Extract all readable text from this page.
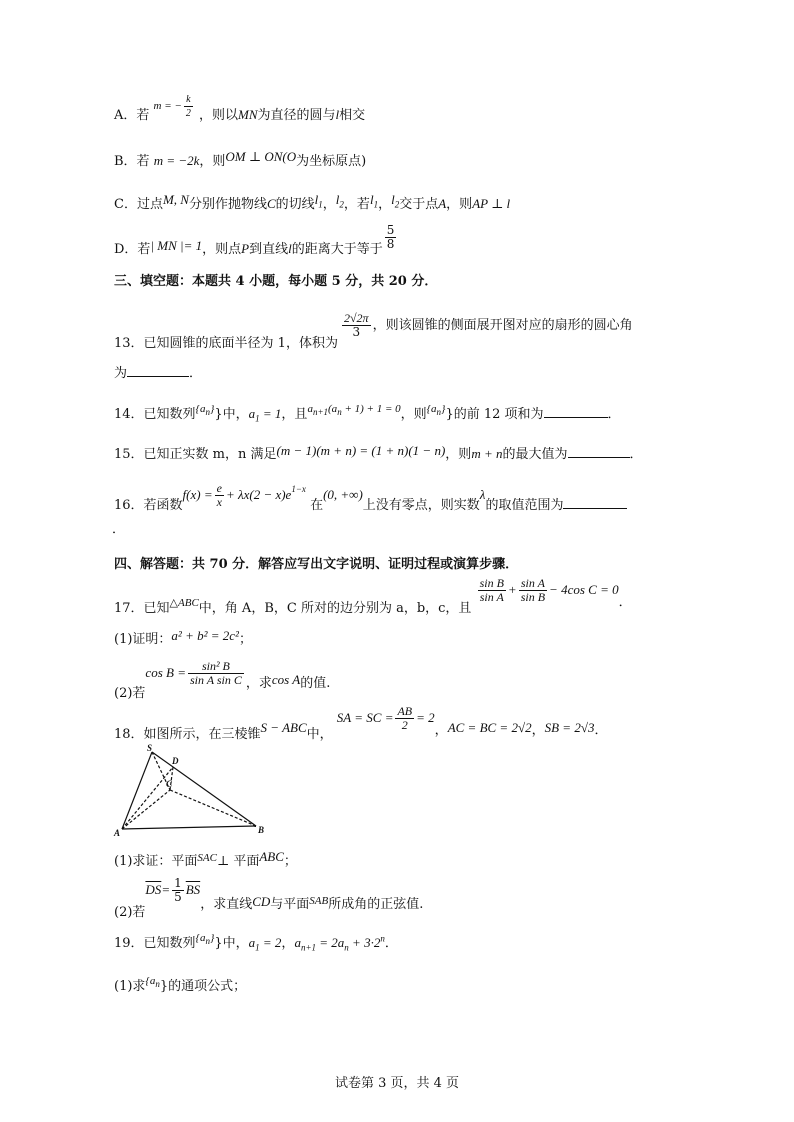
A．若 $^{m = - \frac{k}{2}}$ ，则以MN为直径的圆与l相交
B．若 m = −2k，则OM ⊥ ON(O为坐标原点)
C．过点M, N分别作抛物线C的切线$l_1$，$l_2$，若$l_1$，$l_2$交于点A，则AP ⊥ l
D．若| MN |= 1，则点P到直线l的距离大于等于 $\frac{5}{8}$
三、填空题：本题共 4 小题，每小题 5 分，共 20 分．
13．已知圆锥的底面半径为 1，体积为
$\frac{2√2\pi}{3}$ ，则该圆锥的侧面展开图对应的扇形的圆心角
为	．
14．已知数列$^{\{a_n\}}$}中，$a_1 = 1$，且$^{a_{n+1}(a_n + 1) + 1 = 0}$，则$^{\{a_n\}}$}的前 12 项和为	．
15．已知正实数 m，n 满足(m − 1)(m + n) = (1 + n)(1 − n)，则m + n的最大值为	．
16．若函数$f(x) = \frac{e}{x} + \lambda x(2 - x)e^{1-x}$ 在(0, +∞)上没有零点，则实数λ的取值范围为
．
四、解答题：共 70 分．解答应写出文字说明、证明过程或演算步骤．
17．已知$_{\triangle ABC}$中，角 A，B，C 所对的边分别为 a，b，c，且
$\frac{\text{sin B}}{\text{sin A}} + \frac{\text{sin A}}{\text{sin B}} - 4\cos$ C = 0．
(1)证明：a² + b² = 2c²；
(2)若$\cos B = \frac{\text{sin² B}}{\text{sin A sin C}}$ ，求cos A的值.
18．如图所示，在三棱锥S − ABC中， SA = SC = $\frac{AB}{2} = 2$，AC = BC = 2√2，SB = 2√3．
S
D
C
A	B
(1)求证：平面$^{SAC}$⊥ 平面ABC；
(2)若$\overline{DS}= \frac{1}{5} \overline{BS}$，求直线CD与平面$_{SAB}$所成角的正弦值.
19．已知数列$^{\{a_n\}}$}中，$a_1 = 2$，$a_{n+1} = 2a_n + 3\cdot 2^n$．
(1)求$^{\{a_n}$}的通项公式；
试卷第 3 页，共 4 页
